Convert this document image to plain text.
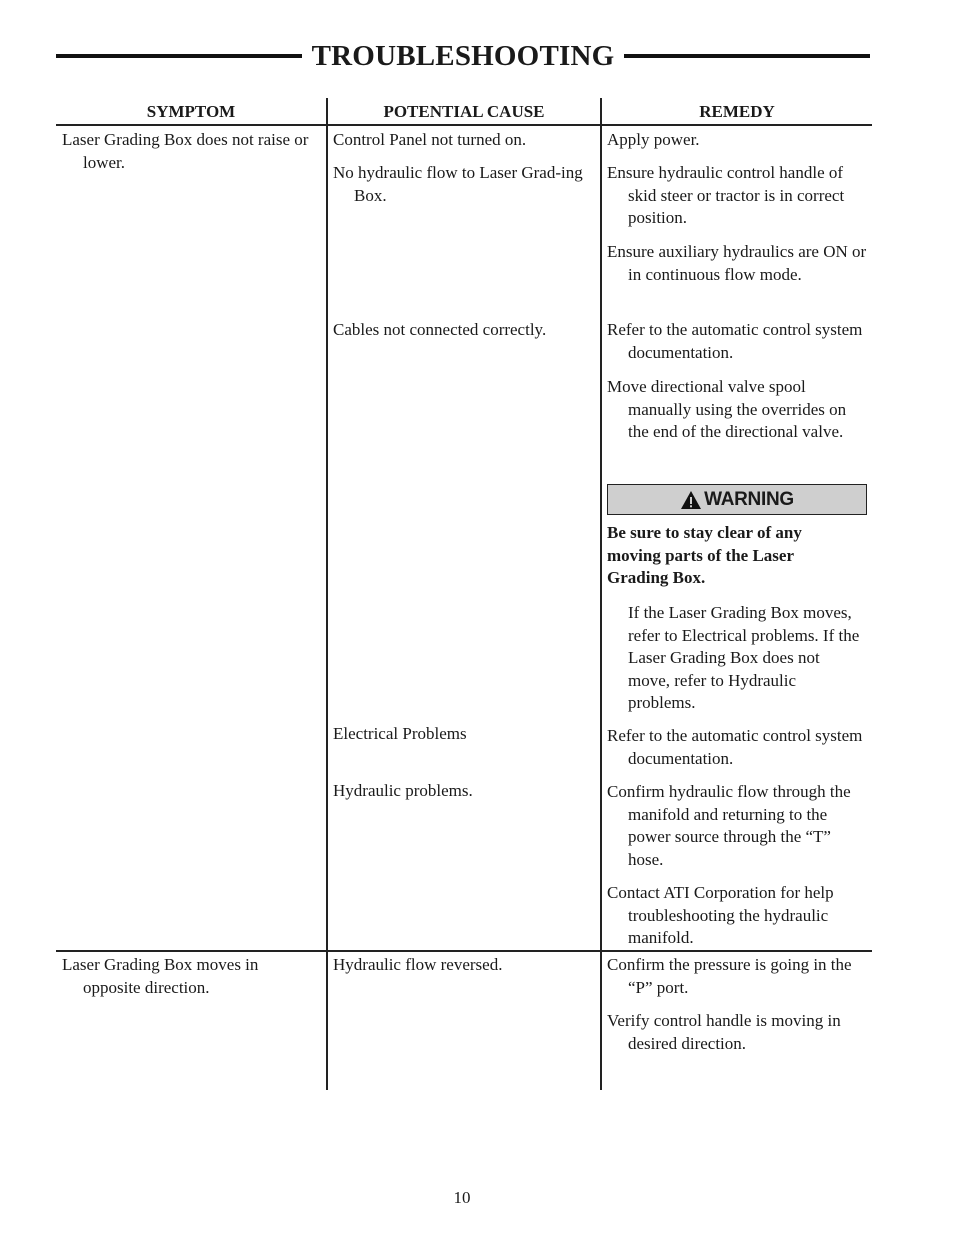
TROUBLESHOOTING
SYMPTOM	POTENTIAL CAUSE	REMEDY

Laser Grading Box does not raise or lower.

Laser Grading Box moves in opposite direction.

Control Panel not turned on.

No hydraulic flow to Laser Grad-ing Box.

Cables not connected correctly.

Electrical Problems

Hydraulic problems.

Hydraulic flow reversed.

Apply power.

Ensure hydraulic control handle of skid steer or tractor is in correct position.

Ensure auxiliary hydraulics are ON or in continuous flow mode.

Refer to the automatic control system documentation.

Move directional valve spool manually using the overrides on the end of the directional valve.

WARNING

Be sure to stay clear of any moving parts of the Laser Grading Box.

If the Laser Grading Box moves, refer to Electrical problems. If the Laser Grading Box does not move, refer to Hydraulic problems.

Refer to the automatic control system documentation.

Confirm hydraulic flow through the manifold and returning to the power source through the “T” hose.

Contact ATI Corporation for help troubleshooting the hydraulic manifold.

Confirm the pressure is going in the “P” port.

Verify control handle is moving in desired direction.

10
